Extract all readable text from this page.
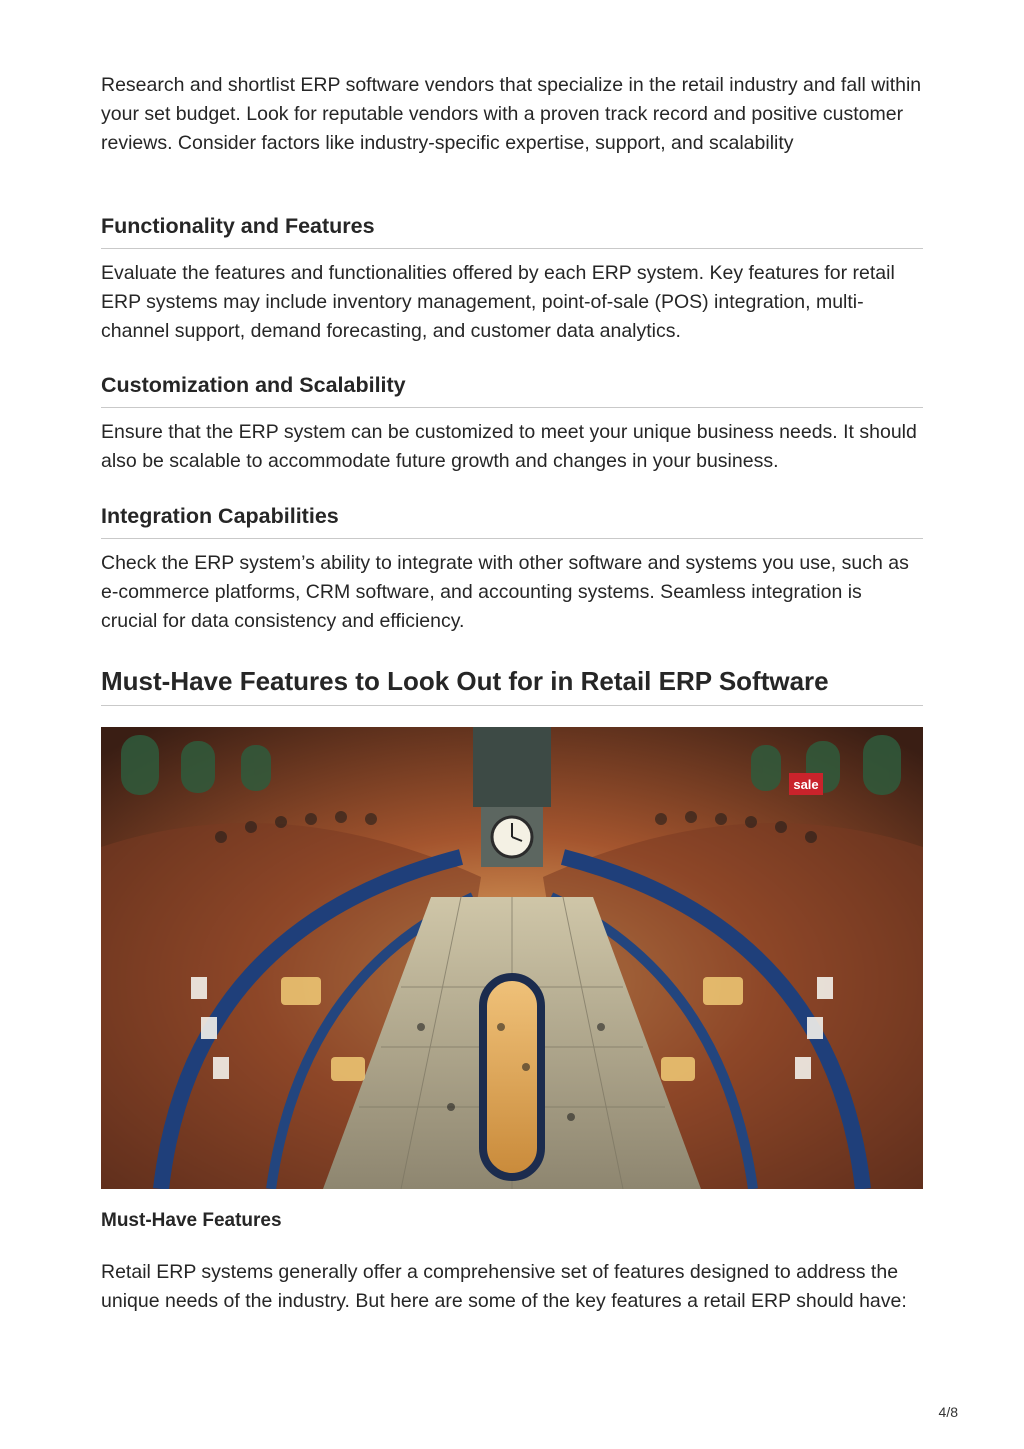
Research and shortlist ERP software vendors that specialize in the retail industry and fall within your set budget. Look for reputable vendors with a proven track record and positive customer reviews. Consider factors like industry-specific expertise, support, and scalability

Functionality and Features

Evaluate the features and functionalities offered by each ERP system. Key features for retail ERP systems may include inventory management, point-of-sale (POS) integration, multi-channel support, demand forecasting, and customer data analytics.

Customization and Scalability

Ensure that the ERP system can be customized to meet your unique business needs. It should also be scalable to accommodate future growth and changes in your business.

Integration Capabilities

Check the ERP system’s ability to integrate with other software and systems you use, such as e-commerce platforms, CRM software, and accounting systems. Seamless integration is crucial for data consistency and efficiency.

Must-Have Features to Look Out for in Retail ERP Software
sale
Must-Have Features

Retail ERP systems generally offer a comprehensive set of features designed to address the unique needs of the industry. But here are some of the key features a retail ERP should have:

4/8
